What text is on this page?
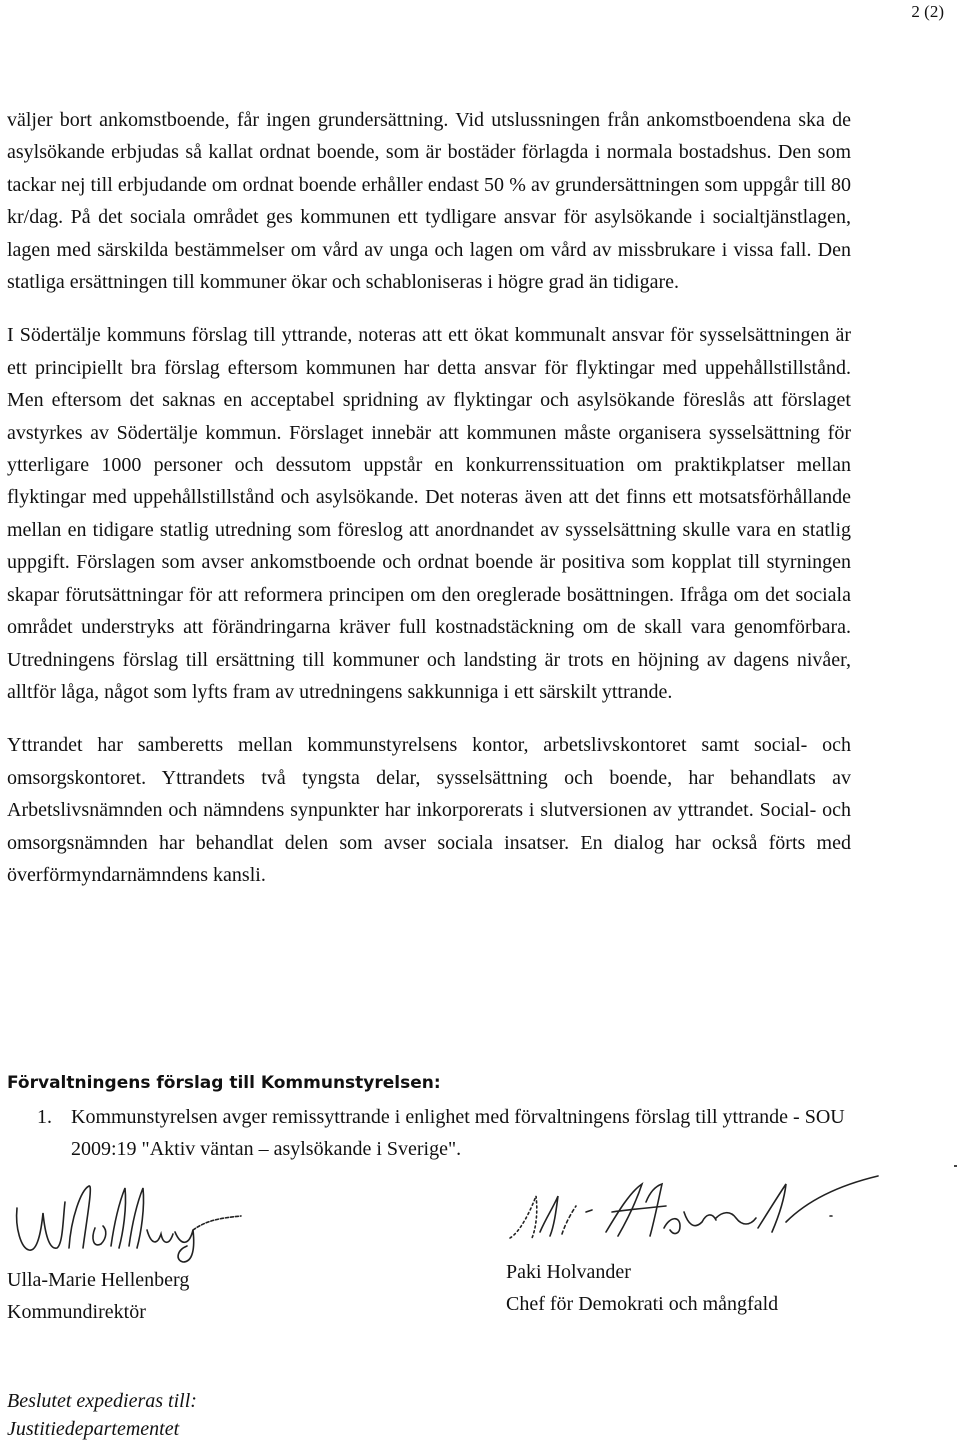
2 (2)

väljer bort ankomstboende, får ingen grundersättning. Vid utslussningen från ankomstboendena ska de asylsökande erbjudas så kallat ordnat boende, som är bostäder förlagda i normala bostadshus. Den som tackar nej till erbjudande om ordnat boende erhåller endast 50 % av grundersättningen som uppgår till 80 kr/dag. På det sociala området ges kommunen ett tydligare ansvar för asylsökande i socialtjänstlagen, lagen med särskilda bestämmelser om vård av unga och lagen om vård av missbrukare i vissa fall. Den statliga ersättningen till kommuner ökar och schabloniseras i högre grad än tidigare.

I Södertälje kommuns förslag till yttrande, noteras att ett ökat kommunalt ansvar för sysselsättningen är ett principiellt bra förslag eftersom kommunen har detta ansvar för flyktingar med uppehållstillstånd. Men eftersom det saknas en acceptabel spridning av flyktingar och asylsökande föreslås att förslaget avstyrkes av Södertälje kommun. Förslaget innebär att kommunen måste organisera sysselsättning för ytterligare 1000 personer och dessutom uppstår en konkurrenssituation om praktikplatser mellan flyktingar med uppehållstillstånd och asylsökande. Det noteras även att det finns ett motsatsförhållande mellan en tidigare statlig utredning som föreslog att anordnandet av sysselsättning skulle vara en statlig uppgift. Förslagen som avser ankomstboende och ordnat boende är positiva som kopplat till styrningen skapar förutsättningar för att reformera principen om den oreglerade bosättningen. Ifråga om det sociala området understryks att förändringarna kräver full kostnadstäckning om de skall vara genomförbara. Utredningens förslag till ersättning till kommuner och landsting är trots en höjning av dagens nivåer, alltför låga, något som lyfts fram av utredningens sakkunniga i ett särskilt yttrande.

Yttrandet har samberetts mellan kommunstyrelsens kontor, arbetslivskontoret samt social- och omsorgskontoret. Yttrandets två tyngsta delar, sysselsättning och boende, har behandlats av Arbetslivsnämnden och nämndens synpunkter har inkorporerats i slutversionen av yttrandet. Social- och omsorgsnämnden har behandlat delen som avser sociala insatser. En dialog har också förts med överförmyndarnämndens kansli.

Förvaltningens förslag till Kommunstyrelsen:
1. Kommunstyrelsen avger remissyttrande i enlighet med förvaltningens förslag till yttrande - SOU 2009:19 "Aktiv väntan – asylsökande i Sverige".
Ulla-Marie Hellenberg
Kommundirektör
Paki Holvander
Chef för Demokrati och mångfald
Beslutet expedieras till:
Justitiedepartementet
